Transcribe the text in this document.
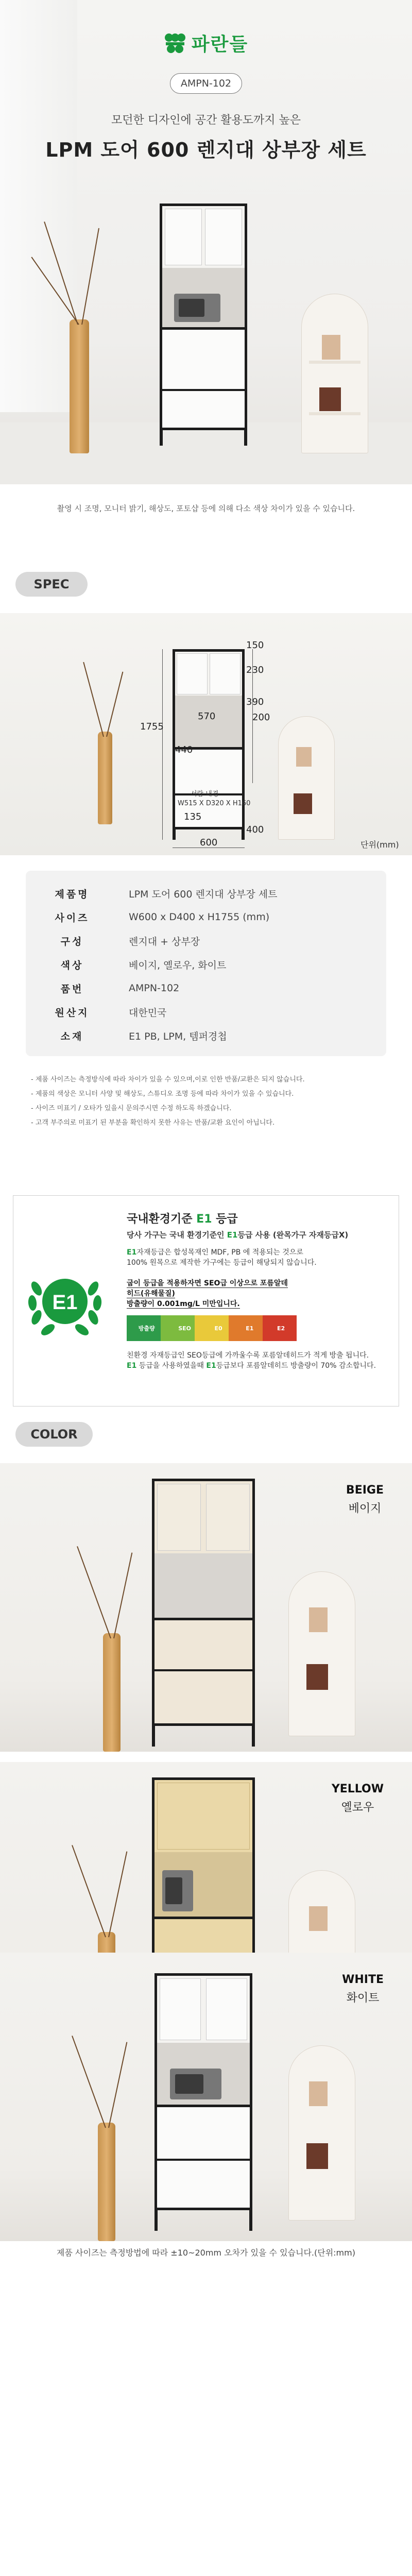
파란들
AMPN-102
모던한 디자인에 공간 활용도까지 높은
LPM 도어 600 렌지대 상부장 세트
촬영 시 조명, 모니터 밝기, 해상도, 포토샵 등에 의해 다소 색상 차이가 있을 수 있습니다.
SPEC
150
230
390
570	200
1755
440
서랍 내경
W515 X D320 X H160
135
400
600	단위(mm)
제품명	LPM 도어 600 렌지대 상부장 세트
사이즈	W600 x D400 x H1755 (mm)
구성	렌지대 + 상부장
색상	베이지, 옐로우, 화이트
품번	AMPN-102
원산지	대한민국
소재	E1 PB, LPM, 템퍼경첩
- 제품 사이즈는 측정방식에 따라 차이가 있을 수 있으며,이로 인한 반품/교환은 되지 않습니다.
- 제품의 색상은 모니터 사양 및 해상도, 스튜디오 조명 등에 따라 차이가 있을 수 있습니다.
- 사이즈 미표기 / 오타가 있을시 문의주시면 수정 하도록 하겠습니다.
- 고객 부주의로 미표기 된 부분을 확인하지 못한 사유는 반품/교환 요인이 아닙니다.
E1
국내환경기준 E1 등급
당사 가구는 국내 환경기준인 E1등급 사용 (완목가구 자재등급X)
E1자재등급은 합성목재인 MDF, PB 에 적용되는 것으로
100% 원목으로 제작한 가구에는 등급이 해당되지 않습니다.
굽이 등급을 적용하자면 SEO급 이상으로 포름알데히드(유해물질)
방출량이 0.001mg/L 미만입니다.
방출량	SEO	E0	E1	E2
친환경 자재등급인 SEO등급에 가까울수록 포름알데히드가 적게 방출 됩니다.
E1 등급을 사용하였을때 E1등급보다 포름알데히드 방출량이 70% 감소합니다.
COLOR
BEIGE
베이지
YELLOW
옐로우
WHITE
화이트
제품 사이즈는 측정방법에 따라 ±10~20mm 오차가 있을 수 있습니다.(단위:mm)
